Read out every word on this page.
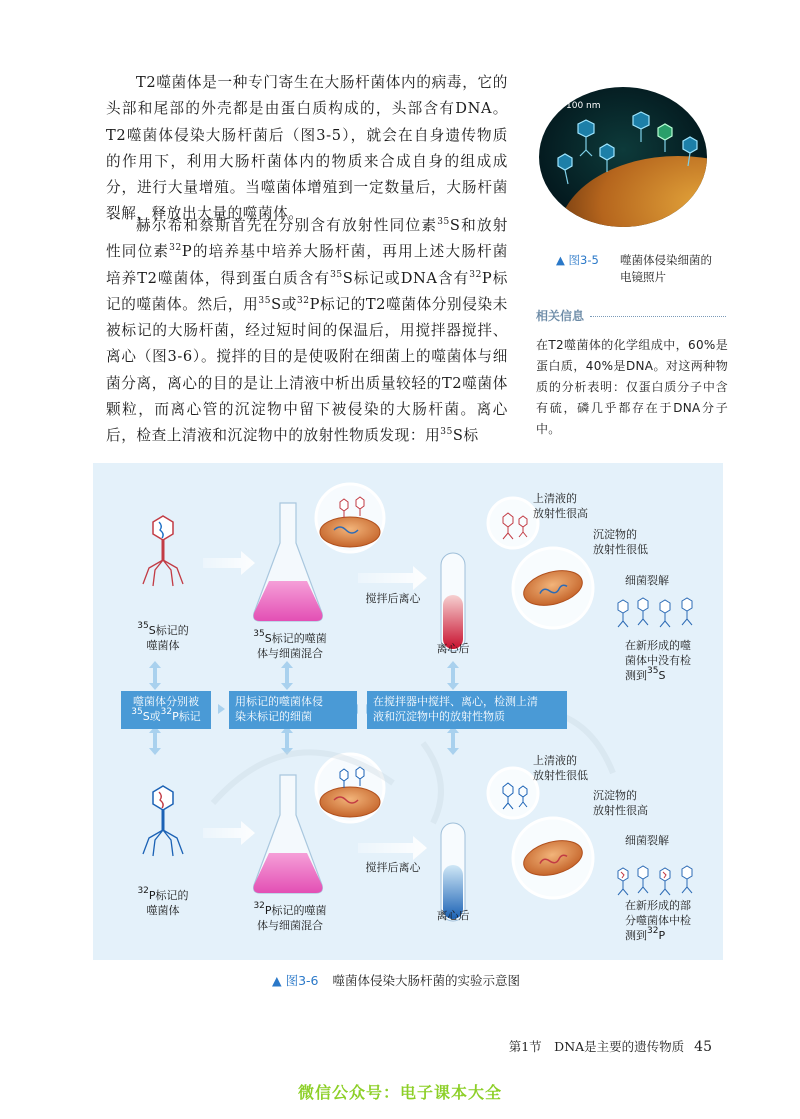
T2噬菌体是一种专门寄生在大肠杆菌体内的病毒，它的头部和尾部的外壳都是由蛋白质构成的，头部含有DNA。T2噬菌体侵染大肠杆菌后（图3-5），就会在自身遗传物质的作用下，利用大肠杆菌体内的物质来合成自身的组成成分，进行大量增殖。当噬菌体增殖到一定数量后，大肠杆菌裂解，释放出大量的噬菌体。

赫尔希和蔡斯首先在分别含有放射性同位素$^{35}$S和放射性同位素$^{32}$P的培养基中培养大肠杆菌，再用上述大肠杆菌培养T2噬菌体，得到蛋白质含有$^{35}$S标记或DNA含有$^{32}$P标记的噬菌体。然后，用$^{35}$S或$^{32}$P标记的T2噬菌体分别侵染未被标记的大肠杆菌，经过短时间的保温后，用搅拌器搅拌、离心（图3-6）。搅拌的目的是使吸附在细菌上的噬菌体与细菌分离，离心的目的是让上清液中析出质量较轻的T2噬菌体颗粒，而离心管的沉淀物中留下被侵染的大肠杆菌。离心后，检查上清液和沉淀物中的放射性物质发现：用$^{35}$S标

100 nm
▲ 图3-5 噬菌体侵染细菌的电镜照片
相关信息

在T2噬菌体的化学组成中，60%是蛋白质，40%是DNA。对这两种物质的分析表明：仅蛋白质分子中含有硫，磷几乎都存在于DNA分子中。

$^{35}$S标记的
噬菌体
$^{35}$S标记的噬菌
体与细菌混合
搅拌后离心
离心后
上清液的
放射性很高
沉淀物的
放射性很低
细菌裂解
在新形成的噬
菌体中没有检
测到$^{35}$S
噬菌体分别被
$^{35}$S或$^{32}$P标记
用标记的噬菌体侵
染未标记的细菌
在搅拌器中搅拌、离心，检测上清
液和沉淀物中的放射性物质
$^{32}$P标记的
噬菌体	$^{32}$P标记的噬菌
体与细菌混合
搅拌后离心
离心后
上清液的
放射性很低
沉淀物的
放射性很高
细菌裂解
在新形成的部
分噬菌体中检
测到$^{32}$P
▲ 图3-6 噬菌体侵染大肠杆菌的实验示意图
第1节　DNA是主要的遗传物质 45
微信公众号：电子课本大全
